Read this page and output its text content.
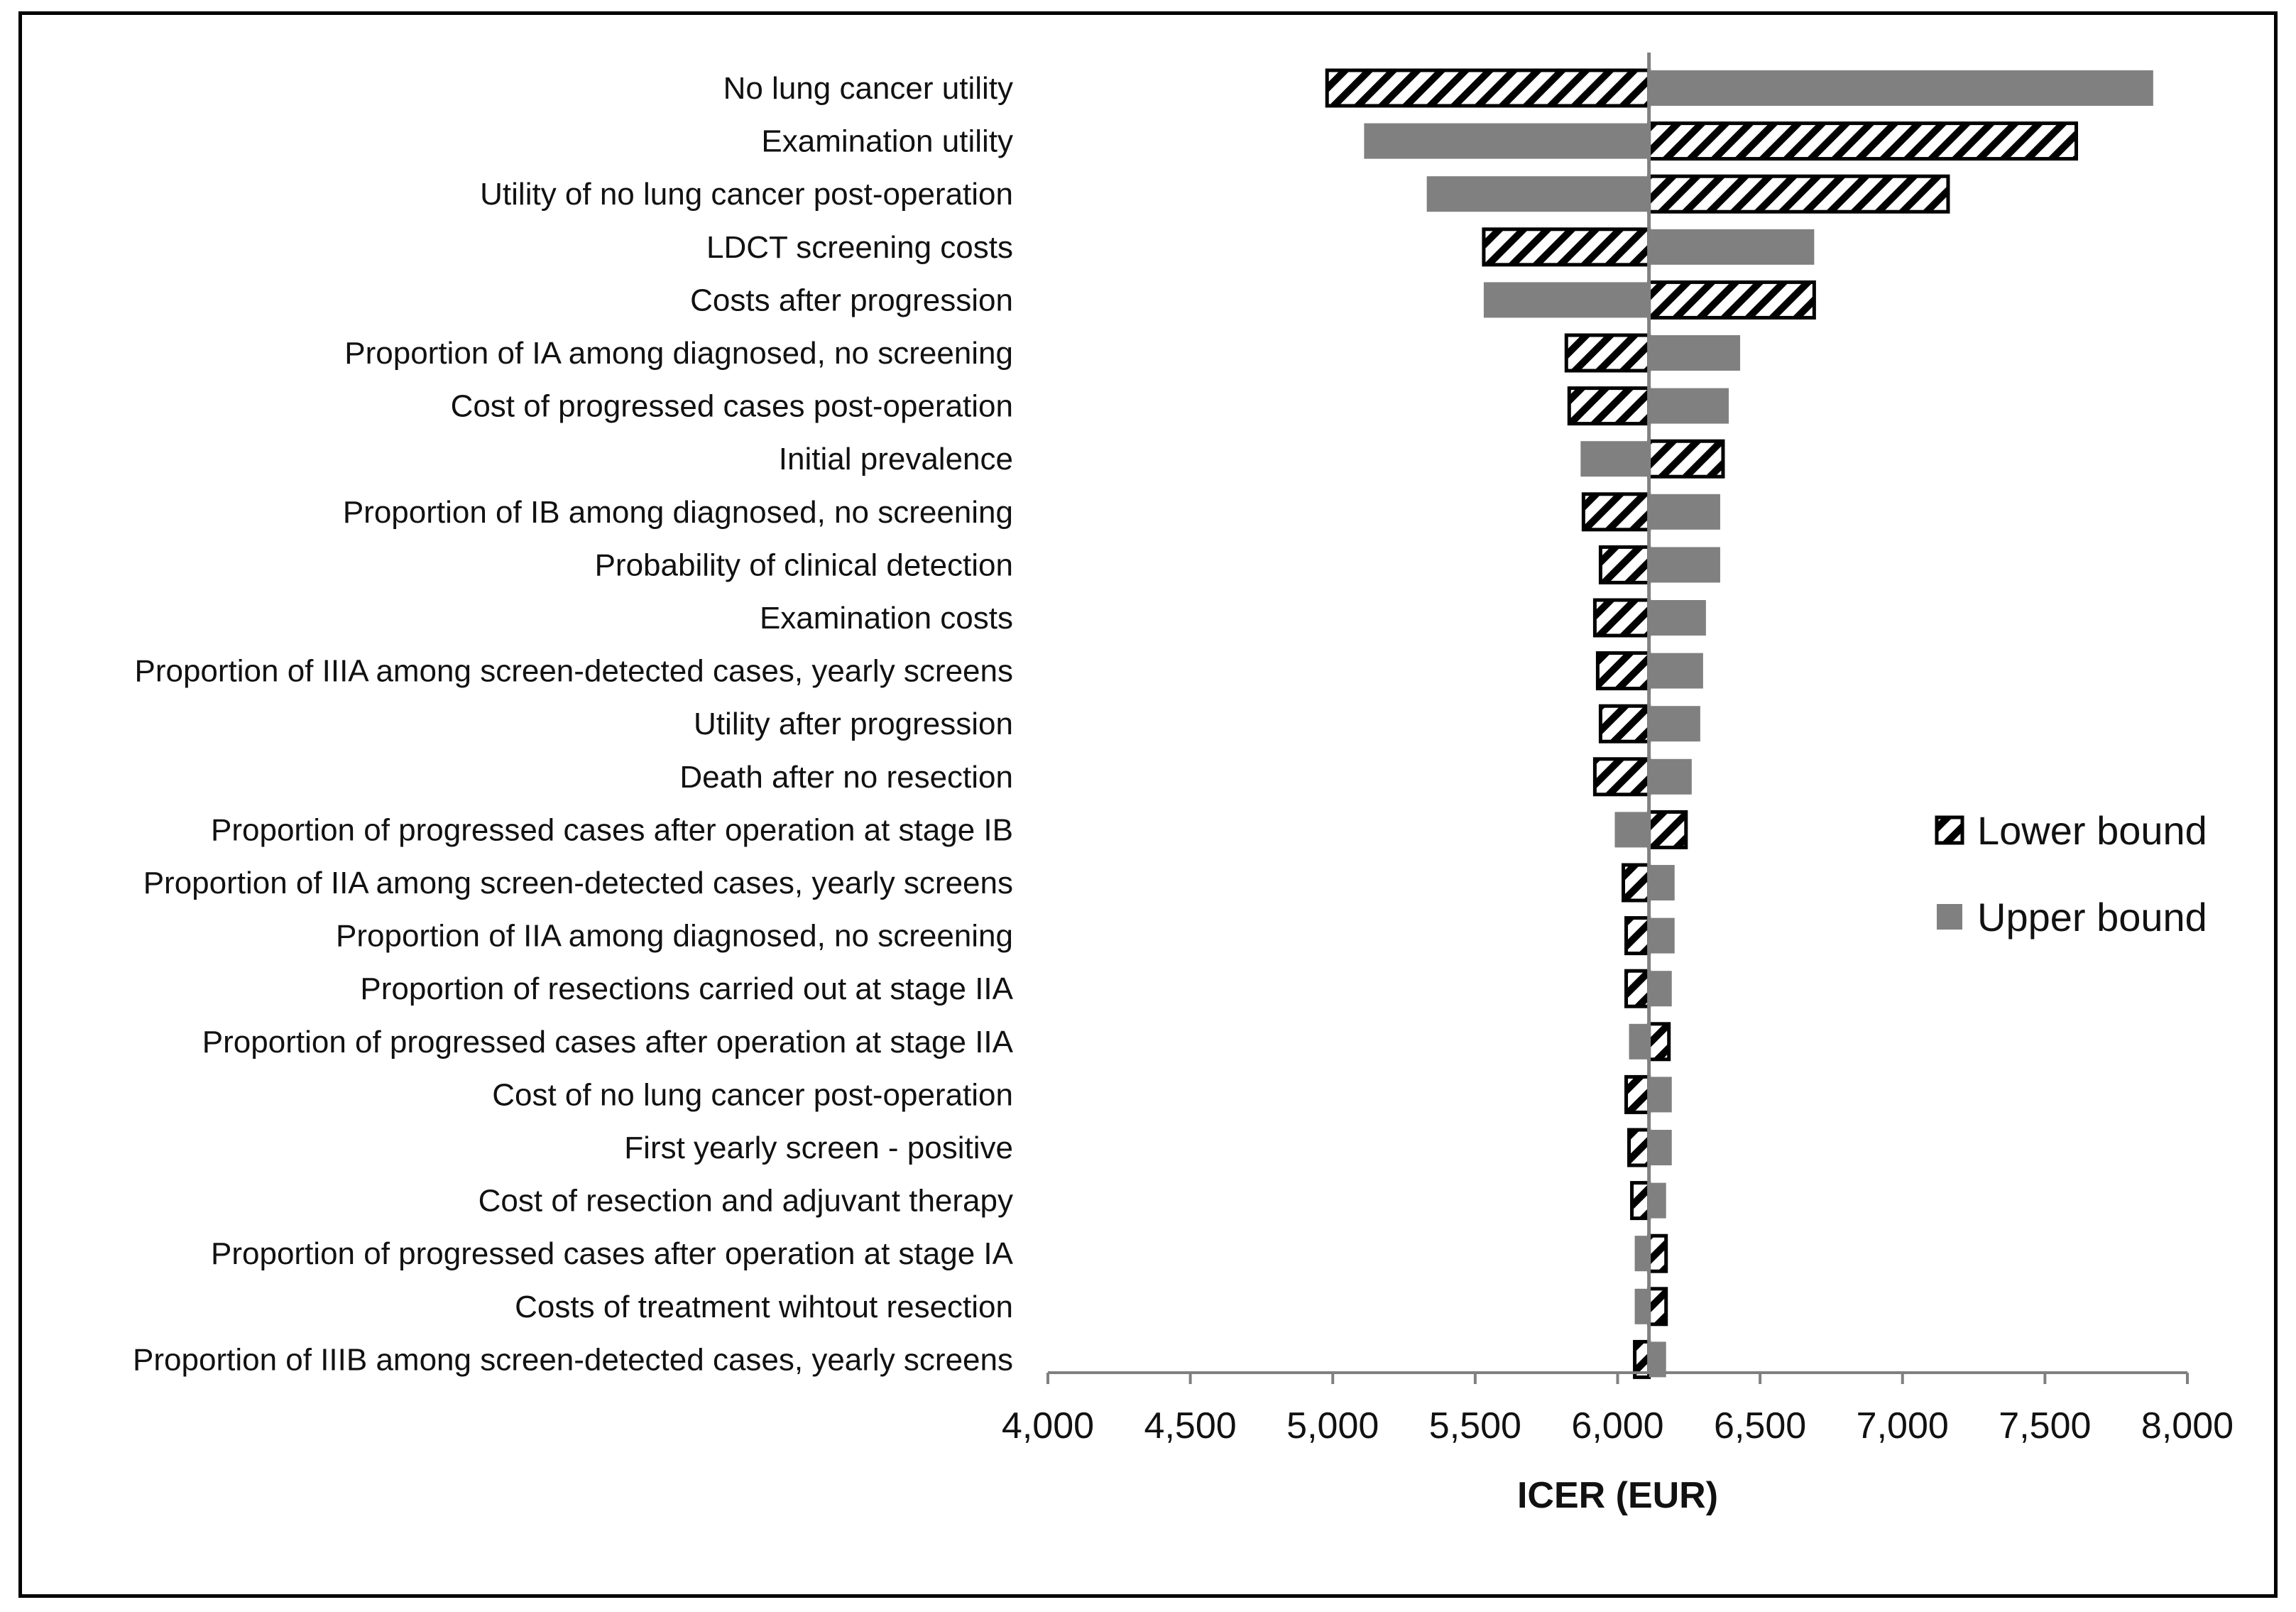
No lung cancer utility
Examination utility
Utility of no lung cancer post-operation
LDCT screening costs
Costs after progression
Proportion of IA among diagnosed, no screening
Cost of progressed cases post-operation
Initial prevalence
Proportion of IB among diagnosed, no screening
Probability of clinical detection
Examination costs
Proportion of IIIA among screen-detected cases, yearly screens
Utility after progression
Death after no resection
Proportion of progressed cases after operation at stage IB
Proportion of IIA among screen-detected cases, yearly screens
Proportion of IIA among diagnosed, no screening
Proportion of resections carried out at stage IIA
Proportion of progressed cases after operation at stage IIA
Cost of no lung cancer post-operation
First yearly screen - positive
Cost of resection and adjuvant therapy
Proportion of progressed cases after operation at stage IA
Costs of treatment wihtout resection
Proportion of IIIB among screen-detected cases, yearly screens
4,000 4,500 5,000 5,500 6,000 6,500 7,000 7,500 8,000
ICER (EUR)
Lower bound
Upper bound
